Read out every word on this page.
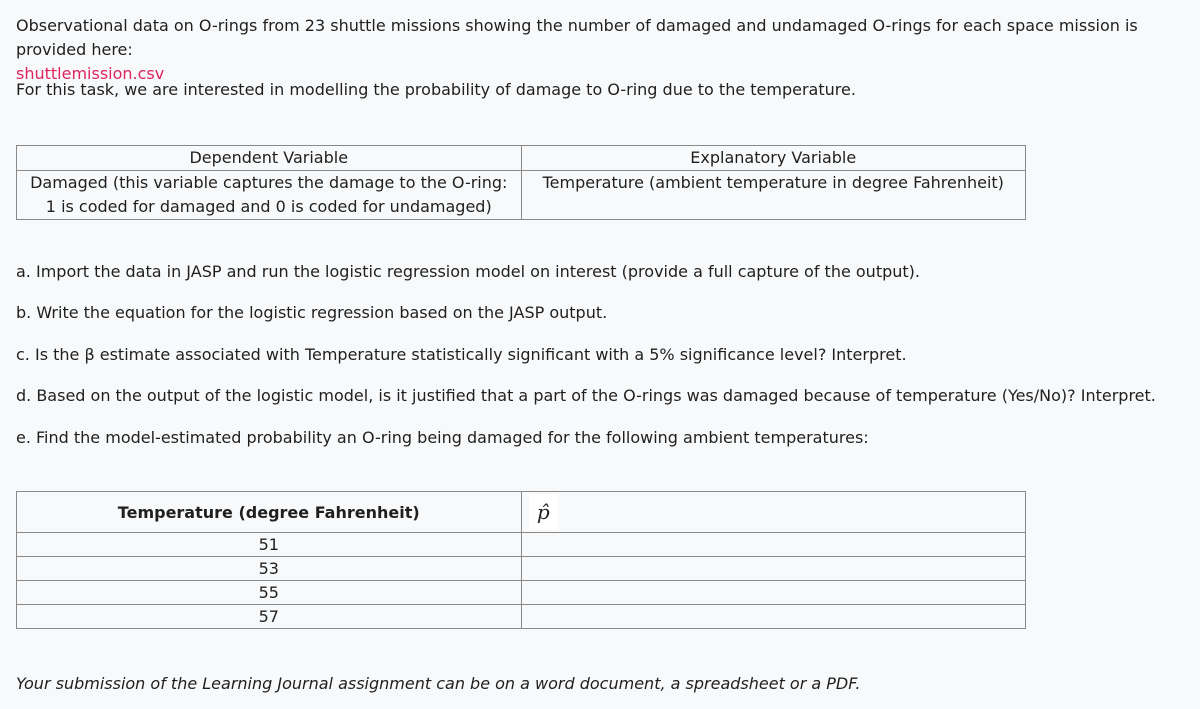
Observational data on O-rings from 23 shuttle missions showing the number of damaged and undamaged O-rings for each space mission is provided here:
shuttlemission.csv
For this task, we are interested in modelling the probability of damage to O-ring due to the temperature.
Dependent Variable	Explanatory Variable
Damaged (this variable captures the damage to the O-ring: 1 is coded for damaged and 0 is coded for undamaged)	Temperature (ambient temperature in degree Fahrenheit)
a. Import the data in JASP and run the logistic regression model on interest (provide a full capture of the output).
b. Write the equation for the logistic regression based on the JASP output.
c. Is the β estimate associated with Temperature statistically significant with a 5% significance level? Interpret.
d. Based on the output of the logistic model, is it justified that a part of the O-rings was damaged because of temperature (Yes/No)? Interpret.
e. Find the model-estimated probability an O-ring being damaged for the following ambient temperatures:
Temperature (degree Fahrenheit)	p̂
51	
53	
55	
57	
Your submission of the Learning Journal assignment can be on a word document, a spreadsheet or a PDF.
